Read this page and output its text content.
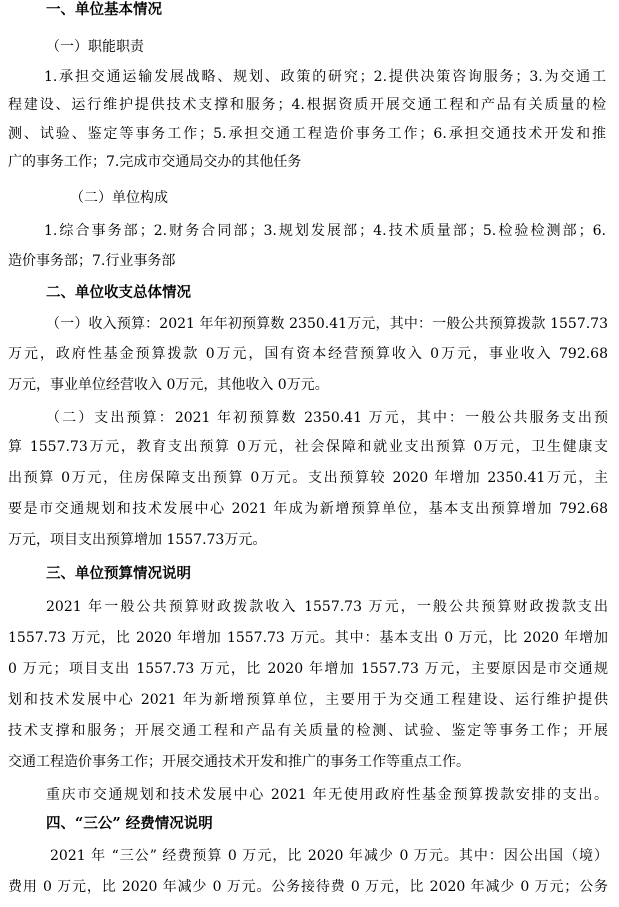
一、单位基本情况
（一）职能职责
1.承担交通运输发展战略、规划、政策的研究；2.提供决策咨询服务；3.为交通工
程建设、运行维护提供技术支撑和服务；4.根据资质开展交通工程和产品有关质量的检
测、试验、鉴定等事务工作；5.承担交通工程造价事务工作；6.承担交通技术开发和推
广的事务工作；7.完成市交通局交办的其他任务
（二）单位构成
1.综合事务部；2.财务合同部；3.规划发展部；4.技术质量部；5.检验检测部；6.
造价事务部；7.行业事务部
二、单位收支总体情况
（一）收入预算：2021 年年初预算数 2350.41万元，其中：一般公共预算拨款 1557.73
万元，政府性基金预算拨款 0万元，国有资本经营预算收入 0万元，事业收入 792.68
万元，事业单位经营收入 0万元，其他收入 0万元。
（二）支出预算：2021 年初预算数 2350.41 万元，其中：一般公共服务支出预
算 1557.73万元，教育支出预算 0万元，社会保障和就业支出预算 0万元，卫生健康支
出预算 0万元，住房保障支出预算 0万元。支出预算较 2020 年增加 2350.41万元，主
要是市交通规划和技术发展中心 2021 年成为新增预算单位，基本支出预算增加 792.68
万元，项目支出预算增加 1557.73万元。
三、单位预算情况说明
2021 年一般公共预算财政拨款收入 1557.73 万元，一般公共预算财政拨款支出
1557.73 万元，比 2020 年增加 1557.73 万元。其中：基本支出 0 万元，比 2020 年增加
0 万元；项目支出 1557.73 万元，比 2020 年增加 1557.73 万元，主要原因是市交通规
划和技术发展中心 2021 年为新增预算单位，主要用于为交通工程建设、运行维护提供
技术支撑和服务；开展交通工程和产品有关质量的检测、试验、鉴定等事务工作；开展
交通工程造价事务工作；开展交通技术开发和推广的事务工作等重点工作。
重庆市交通规划和技术发展中心 2021 年无使用政府性基金预算拨款安排的支出。
四、“三公” 经费情况说明
2021 年 “三公” 经费预算 0 万元，比 2020 年减少 0 万元。其中：因公出国（境）
费用 0 万元，比 2020 年减少 0 万元。公务接待费 0 万元，比 2020 年减少 0 万元；公务
